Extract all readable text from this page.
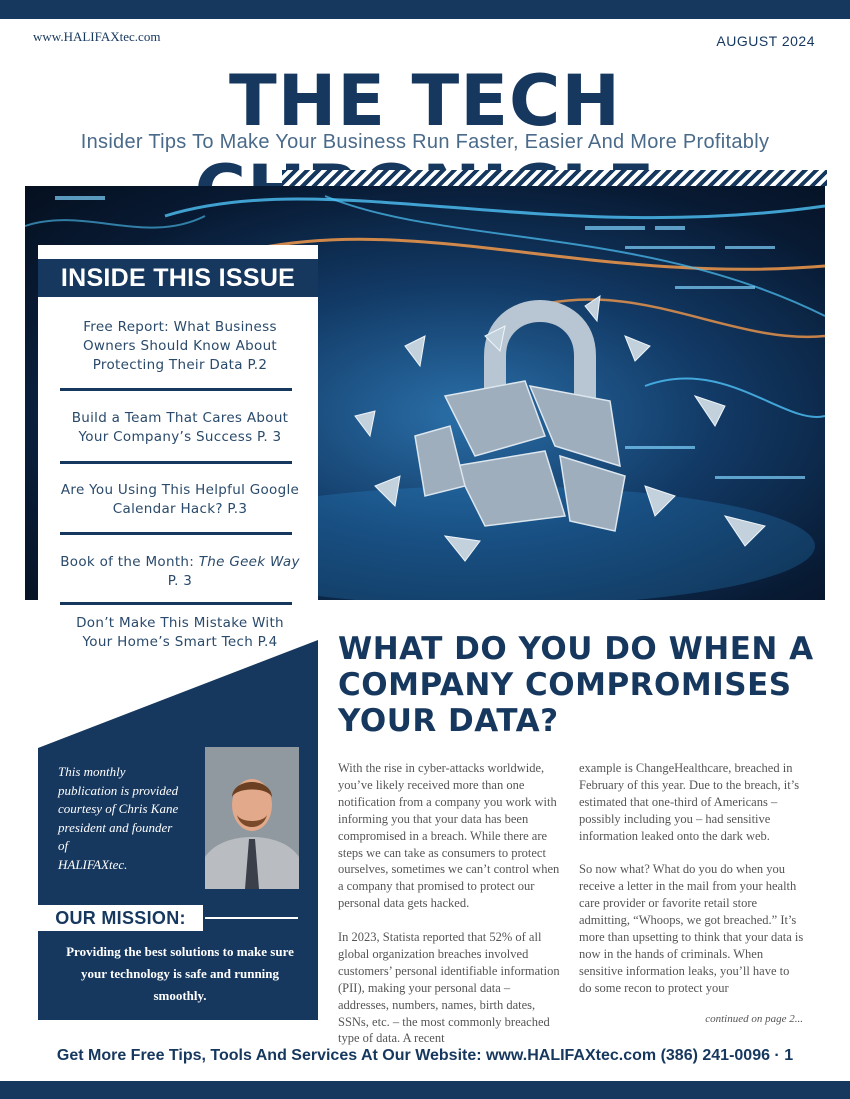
www.HALIFAXtec.com	AUGUST 2024
THE TECH
Insider Tips To Make Your Business Run Faster, Easier And More Profitably
INSIDE THIS ISSUE
Free Report: What Business Owners Should Know About Protecting Their Data P.2
Build a Team That Cares About Your Company’s Success P. 3
Are You Using This Helpful Google Calendar Hack? P.3
Book of the Month: The Geek Way P. 3
Don’t Make This Mistake With Your Home’s Smart Tech P.4
This monthly
publication is provided
courtesy of Chris Kane
president and founder
of
HALIFAXtec.
OUR MISSION:
Providing the best solutions to make sure your technology is safe and running smoothly.
WHAT DO YOU DO WHEN A COMPANY COMPROMISES YOUR DATA?

With the rise in cyber-attacks worldwide, you’ve likely received more than one notification from a company you work with informing you that your data has been compromised in a breach. While there are steps we can take as consumers to protect ourselves, sometimes we can’t control when a company that promised to protect our personal data gets hacked.

In 2023, Statista reported that 52% of all global organization breaches involved customers’ personal identifiable information (PII), making your personal data – addresses, numbers, names, birth dates, SSNs, etc. – the most commonly breached type of data. A recent

example is ChangeHealthcare, breached in February of this year. Due to the breach, it’s estimated that one-third of Americans – possibly including you – had sensitive information leaked onto the dark web.

So now what? What do you do when you receive a letter in the mail from your health care provider or favorite retail store admitting, “Whoops, we got breached.” It’s more than upsetting to think that your data is now in the hands of criminals. When sensitive information leaks, you’ll have to do some recon to protect your

continued on page 2...
Get More Free Tips, Tools And Services At Our Website: www.HALIFAXtec.com (386) 241-0096 · 1
